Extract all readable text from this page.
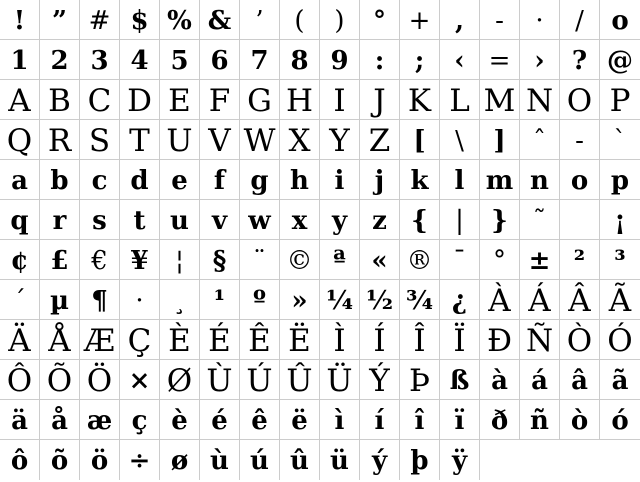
!	” # $ % & ’	(	)	° + ,	-	·	/	o
1 2 3 4 5 6 7 8 9	:	;	‹ = ›	? @
A B C D E F G H I J K L M N O P
Q R S T U V W X Y Z [	\	]	ˆ	-	`
a b c d e	f g h i	j	k	l m n o p
q r s	t u v w x y z {	|	} ˜	¡
¢ £ € ¥	¦	§	¨ © ª « ® ¯	° ± ²	³
´ µ ¶	·	¸	¹	º » ¼ ½ ¾ ¿ À Á Â Ã
Ä Å Æ Ç È É Ê Ë Ì Í Î Ï Ð Ñ Ò Ó
Ô Õ Ö × Ø Ù Ú Û Ü Ý Þ ß à á â ã
ä å æ ç è é ê ë	ì	í	î	ï	ð ñ ò ó
ô õ ö ÷ ø ù ú û ü ý þ ÿ
